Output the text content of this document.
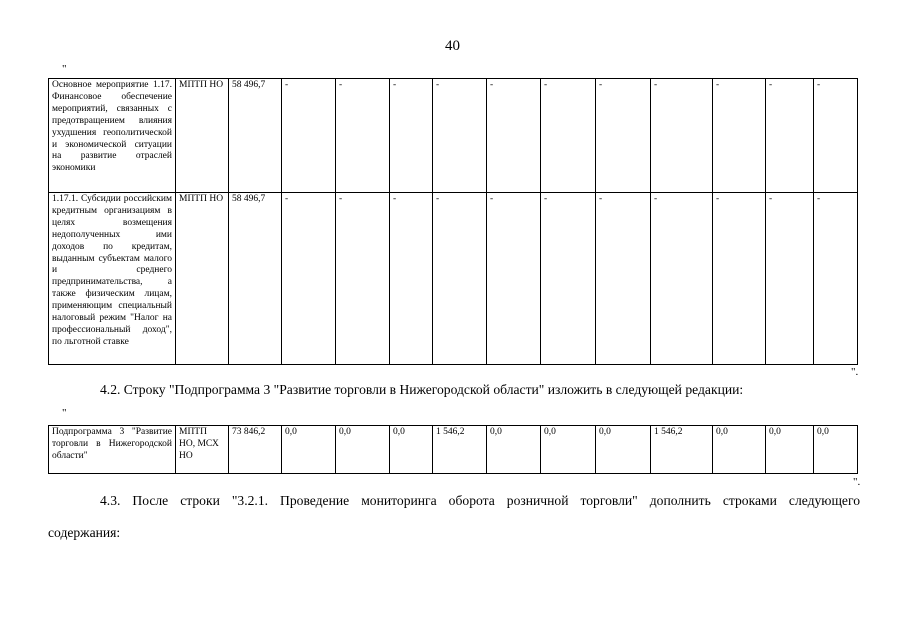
40
"
Основное мероприятие 1.17. Финансовое обеспечение мероприятий, связанных с предотвращением влияния ухудшения геополитической и экономической ситуации на развитие отраслей экономики	МПТП НО	58 496,7	-	-	-	-	-	-	-	-	-	-	-
1.17.1. Субсидии российским кредитным организациям в целях возмещения недополученных ими доходов по кредитам, выданным субъектам малого и среднего предпринимательства, а также физическим лицам, применяющим специальный налоговый режим "Налог на профессиональный доход", по льготной ставке	МПТП НО	58 496,7	-	-	-	-	-	-	-	-	-	-	-
".
4.2. Строку "Подпрограмма 3 "Развитие торговли в Нижегородской области" изложить в следующей редакции:
"
Подпрограмма 3 "Развитие торговли в Нижегородской области"	МПТП НО, МСХ НО	73 846,2	0,0	0,0	0,0	1 546,2	0,0	0,0	0,0	1 546,2	0,0	0,0	0,0
".
4.3. После строки "3.2.1. Проведение мониторинга оборота розничной торговли" дополнить строками следующего
содержания:
